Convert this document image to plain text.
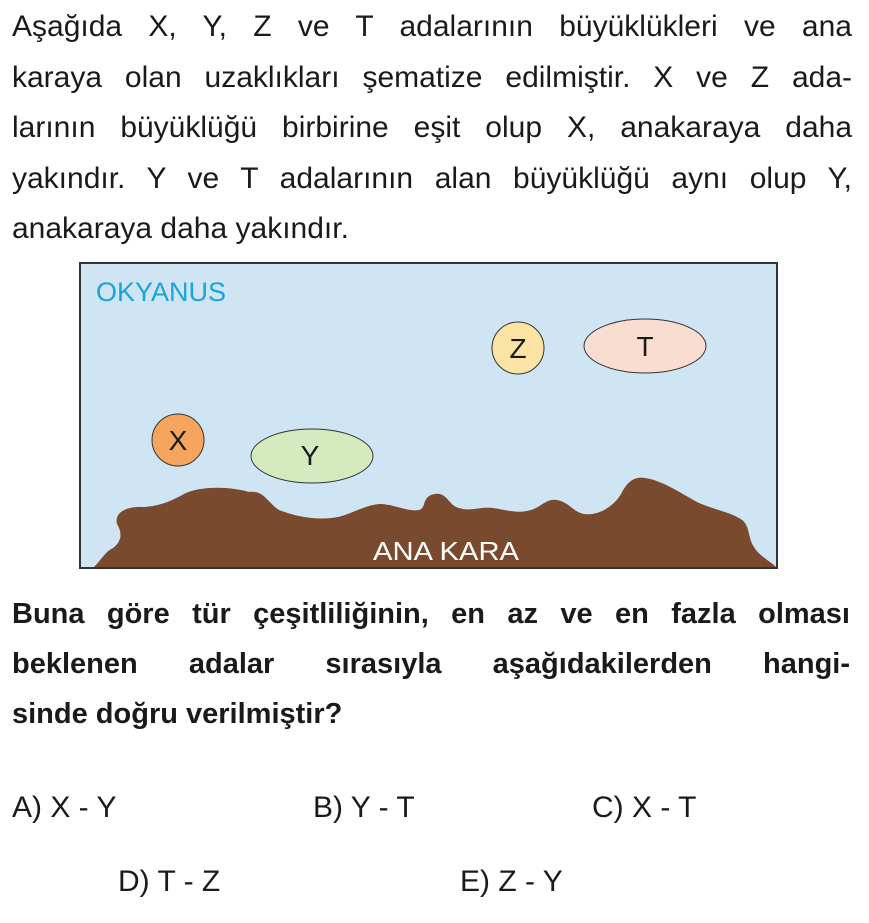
Aşağıda X, Y, Z ve T adalarının büyüklükleri ve ana
karaya olan uzaklıkları şematize edilmiştir. X ve Z ada-
larının büyüklüğü birbirine eşit olup X, anakaraya daha
yakındır. Y ve T adalarının alan büyüklüğü aynı olup Y,
anakaraya daha yakındır.
OKYANUS
ANA KARA
X	Y
Z	T
Buna göre tür çeşitliliğinin, en az ve en fazla olması
beklenen adalar sırasıyla aşağıdakilerden hangi-
sinde doğru verilmiştir?
A) X - Y	B) Y - T	C) X - T
D) T - Z	E) Z - Y
